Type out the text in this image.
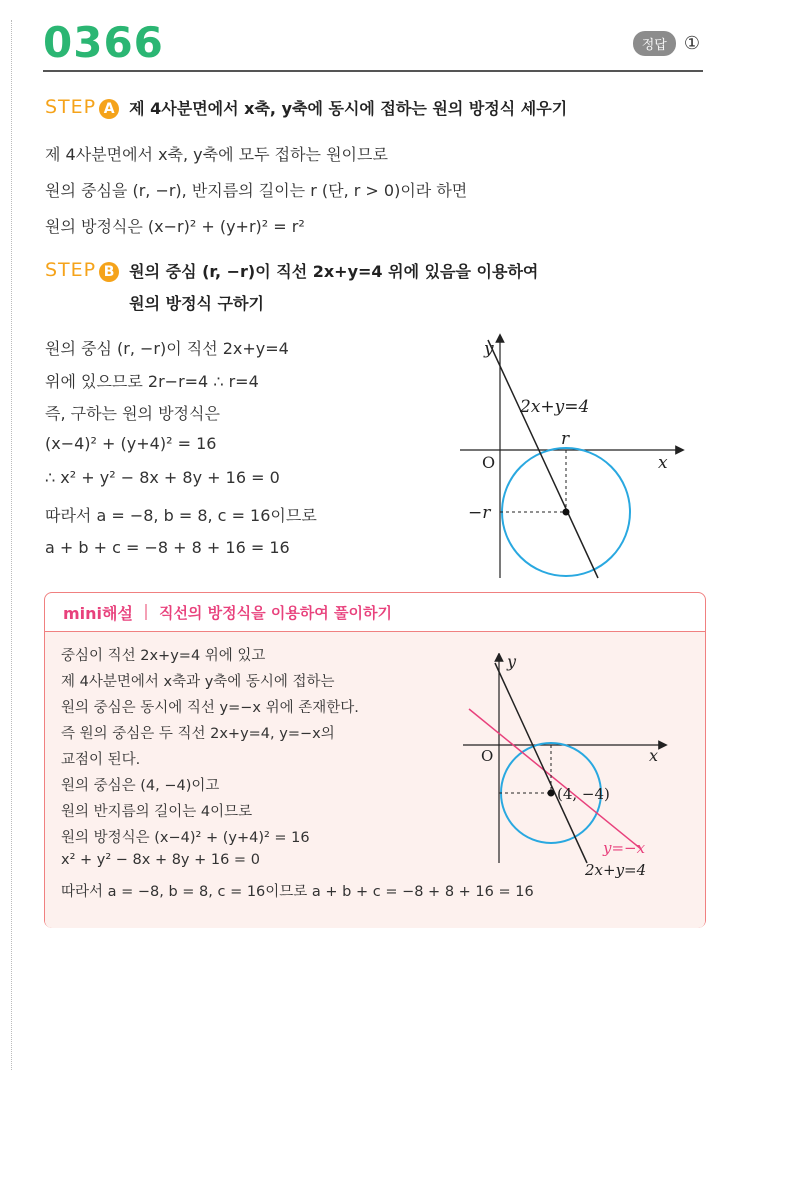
0366	정답 ①
STEP A 제 4사분면에서 x축, y축에 동시에 접하는 원의 방정식 세우기
제 4사분면에서 x축, y축에 모두 접하는 원이므로
원의 중심을 (r, −r), 반지름의 길이는 r (단, r > 0)이라 하면
원의 방정식은 (x−r)² + (y+r)² = r²
STEP B 원의 중심 (r, −r)이 직선 2x+y=4 위에 있음을 이용하여
원의 방정식 구하기
원의 중심 (r, −r)이 직선 2x+y=4
위에 있으므로 2r−r=4 ∴ r=4
즉, 구하는 원의 방정식은
(x−4)² + (y+4)² = 16
∴ x² + y² − 8x + 8y + 16 = 0
따라서 a = −8, b = 8, c = 16이므로
a + b + c = −8 + 8 + 16 = 16
y
x
O
2x+y=4
r
−r
mini해설 직선의 방정식을 이용하여 풀이하기
중심이 직선 2x+y=4 위에 있고
제 4사분면에서 x축과 y축에 동시에 접하는
원의 중심은 동시에 직선 y=−x 위에 존재한다.
즉 원의 중심은 두 직선 2x+y=4, y=−x의
교점이 된다.
원의 중심은 (4, −4)이고
원의 반지름의 길이는 4이므로
원의 방정식은 (x−4)² + (y+4)² = 16
x² + y² − 8x + 8y + 16 = 0
따라서 a = −8, b = 8, c = 16이므로 a + b + c = −8 + 8 + 16 = 16
y
x
O
(4, −4)
y=−x
2x+y=4
